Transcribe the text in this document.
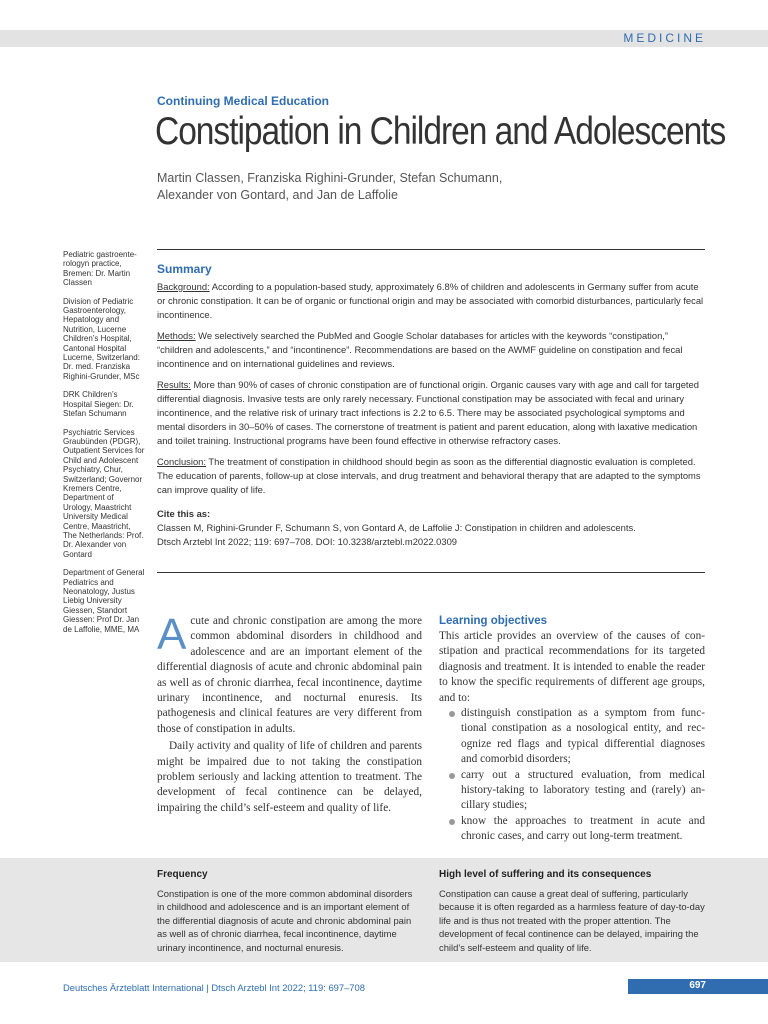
MEDICINE
Continuing Medical Education
Constipation in Children and Adolescents
Martin Classen, Franziska Righini-Grunder, Stefan Schumann,
Alexander von Gontard, and Jan de Laffolie

Pediatric gastroenterologyn practice, Bremen: Dr. Martin Classen

Division of Pediatric Gastroenterology, Hepatology and Nutrition, Lucerne Children’s Hospital, Cantonal Hospital Lucerne, Switzerland: Dr. med. Franziska Righini-Grunder, MSc

DRK Children’s Hospital Siegen: Dr. Stefan Schumann

Psychiatric Services Graubünden (PDGR), Outpatient Services for Child and Adolescent Psychiatry, Chur, Switzerland; Governor Kremers Centre, Department of Urology, Maastricht University Medical Centre, Maastricht, The Netherlands: Prof. Dr. Alexander von Gontard

Department of General Pediatrics and Neonatology, Justus Liebig University Giessen, Standort Giessen: Prof Dr. Jan de Laffolie, MME, MA

Summary

Background: According to a population-based study, approximately 6.8% of children and adolescents in Germany suffer from acute or chronic constipation. It can be of organic or functional origin and may be associated with comorbid disturbances, particularly fecal incontinence.

Methods: We selectively searched the PubMed and Google Scholar databases for articles with the keywords “constipation,” “children and adolescents,” and “incontinence”. Recommendations are based on the AWMF guideline on constipation and fecal incontinence and on international guidelines and reviews.

Results: More than 90% of cases of chronic constipation are of functional origin. Organic causes vary with age and call for targeted differential diagnosis. Invasive tests are only rarely necessary. Functional constipation may be associated with fecal and urinary incontinence, and the relative risk of urinary tract infections is 2.2 to 6.5. There may be associated psychological symptoms and mental disorders in 30–50% of cases. The cornerstone of treatment is patient and parent education, along with laxative medication and toilet training. Instructional programs have been found effective in otherwise refractory cases.

Conclusion: The treatment of constipation in childhood should begin as soon as the differential diagnostic evaluation is completed. The education of parents, follow-up at close intervals, and drug treatment and behavioral therapy that are adapted to the symptoms can improve quality of life.

Cite this as:
Classen M, Righini-Grunder F, Schumann S, von Gontard A, de Laffolie J: Constipation in children and adolescents.
Dtsch Arztebl Int 2022; 119: 697–708. DOI: 10.3238/arztebl.m2022.0309

Acute and chronic constipation are among the more common abdominal disorders in childhood and adolescence and are an important element of the differential diagnosis of acute and chronic abdominal pain as well as of chronic diarrhea, fecal incontinence, daytime urinary incontinence, and nocturnal enuresis. Its pathogenesis and clinical features are very different from those of constipation in adults.

Daily activity and quality of life of children and parents might be impaired due to not taking the constipation problem seriously and lacking attention to treatment. The development of fecal continence can be delayed, impairing the child’s self-esteem and quality of life.

Learning objectives

This article provides an overview of the causes of constipation and practical recommendations for its targeted diagnosis and treatment. It is intended to enable the reader to know the specific requirements of different age groups, and to:

distinguish constipation as a symptom from functional constipation as a nosological entity, and recognize red flags and typical differential diagnoses and comorbid disorders;
carry out a structured evaluation, from medical history-taking to laboratory testing and (rarely) ancillary studies;
know the approaches to treatment in acute and chronic cases, and carry out long-term treatment.
Frequency
Constipation is one of the more common abdominal disorders in childhood and adolescence and is an important element of the differential diagnosis of acute and chronic abdominal pain as well as of chronic diarrhea, fecal incontinence, daytime urinary incontinence, and nocturnal enuresis.
High level of suffering and its consequences
Constipation can cause a great deal of suffering, particularly because it is often regarded as a harmless feature of day-to-day life and is thus not treated with the proper attention. The development of fecal continence can be delayed, impairing the child’s self-esteem and quality of life.
Deutsches Ärzteblatt International | Dtsch Arztebl Int 2022; 119: 697–708	697
